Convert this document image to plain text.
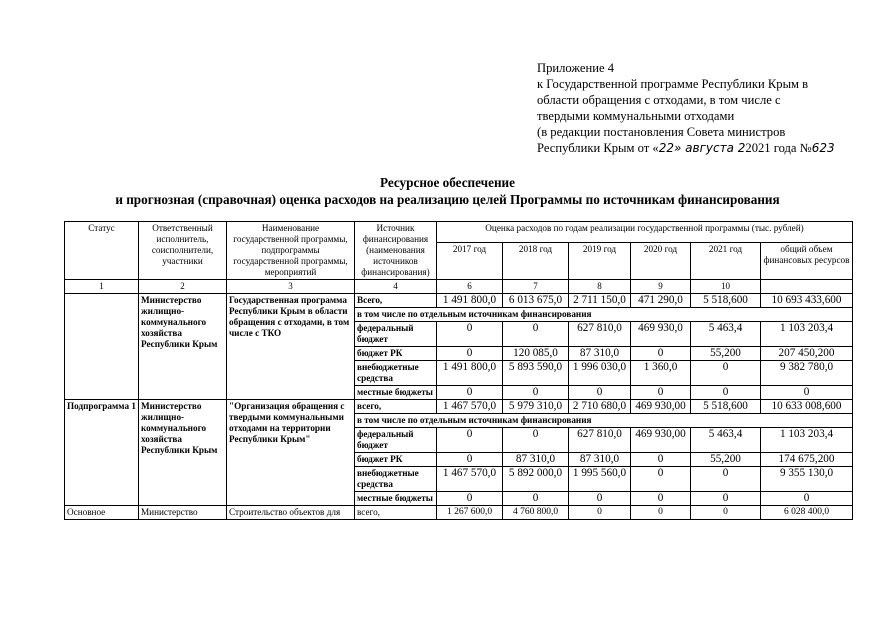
Приложение 4
к Государственной программе Республики Крым в
области обращения с отходами, в том числе с
твердыми коммунальными отходами
(в редакции постановления Совета министров
Республики Крым от «22» августа 22021 года №623
Ресурсное обеспечение
и прогнозная (справочная) оценка расходов на реализацию целей Программы по источникам финансирования
Статус	Ответственный исполнитель, соисполнители, участники	Наименование государственной программы, подпрограммы государственной программы, мероприятий	Источник финансирования (наименования источников финансирования)	Оценка расходов по годам реализации государственной программы (тыс. рублей)					
				2017 год	2018 год	2019 год	2020 год	2021 год	общий объем финансовых ресурсов
1	2	3	4	6	7	8	9	10	
	Министерство жилищно-коммунального хозяйства Республики Крым	Государственная программа Республики Крым в области обращения с отходами, в том числе с ТКО	Всего,	1 491 800,0	6 013 675,0	2 711 150,0	471 290,0	5 518,600	10 693 433,600
			в том числе по отдельным источникам финансирования						
			федеральный бюджет	0	0	627 810,0	469 930,0	5 463,4	1 103 203,4
			бюджет РК	0	120 085,0	87 310,0	0	55,200	207 450,200
			внебюджетные средства	1 491 800,0	5 893 590,0	1 996 030,0	1 360,0	0	9 382 780,0
			местные бюджеты	0	0	0	0	0	0
Подпрограмма 1	Министерство жилищно-коммунального хозяйства Республики Крым	"Организация обращения с твердыми коммунальными отходами на территории Республики Крым"	всего,	1 467 570,0	5 979 310,0	2 710 680,0	469 930,00	5 518,600	10 633 008,600
			в том числе по отдельным источникам финансирования						
			федеральный бюджет	0	0	627 810,0	469 930,00	5 463,4	1 103 203,4
			бюджет РК	0	87 310,0	87 310,0	0	55,200	174 675,200
			внебюджетные средства	1 467 570,0	5 892 000,0	1 995 560,0	0	0	9 355 130,0
			местные бюджеты	0	0	0	0	0	0
Основное	Министерство	Строительство объектов для	всего,	1 267 600,0	4 760 800,0	0	0	0	6 028 400,0
